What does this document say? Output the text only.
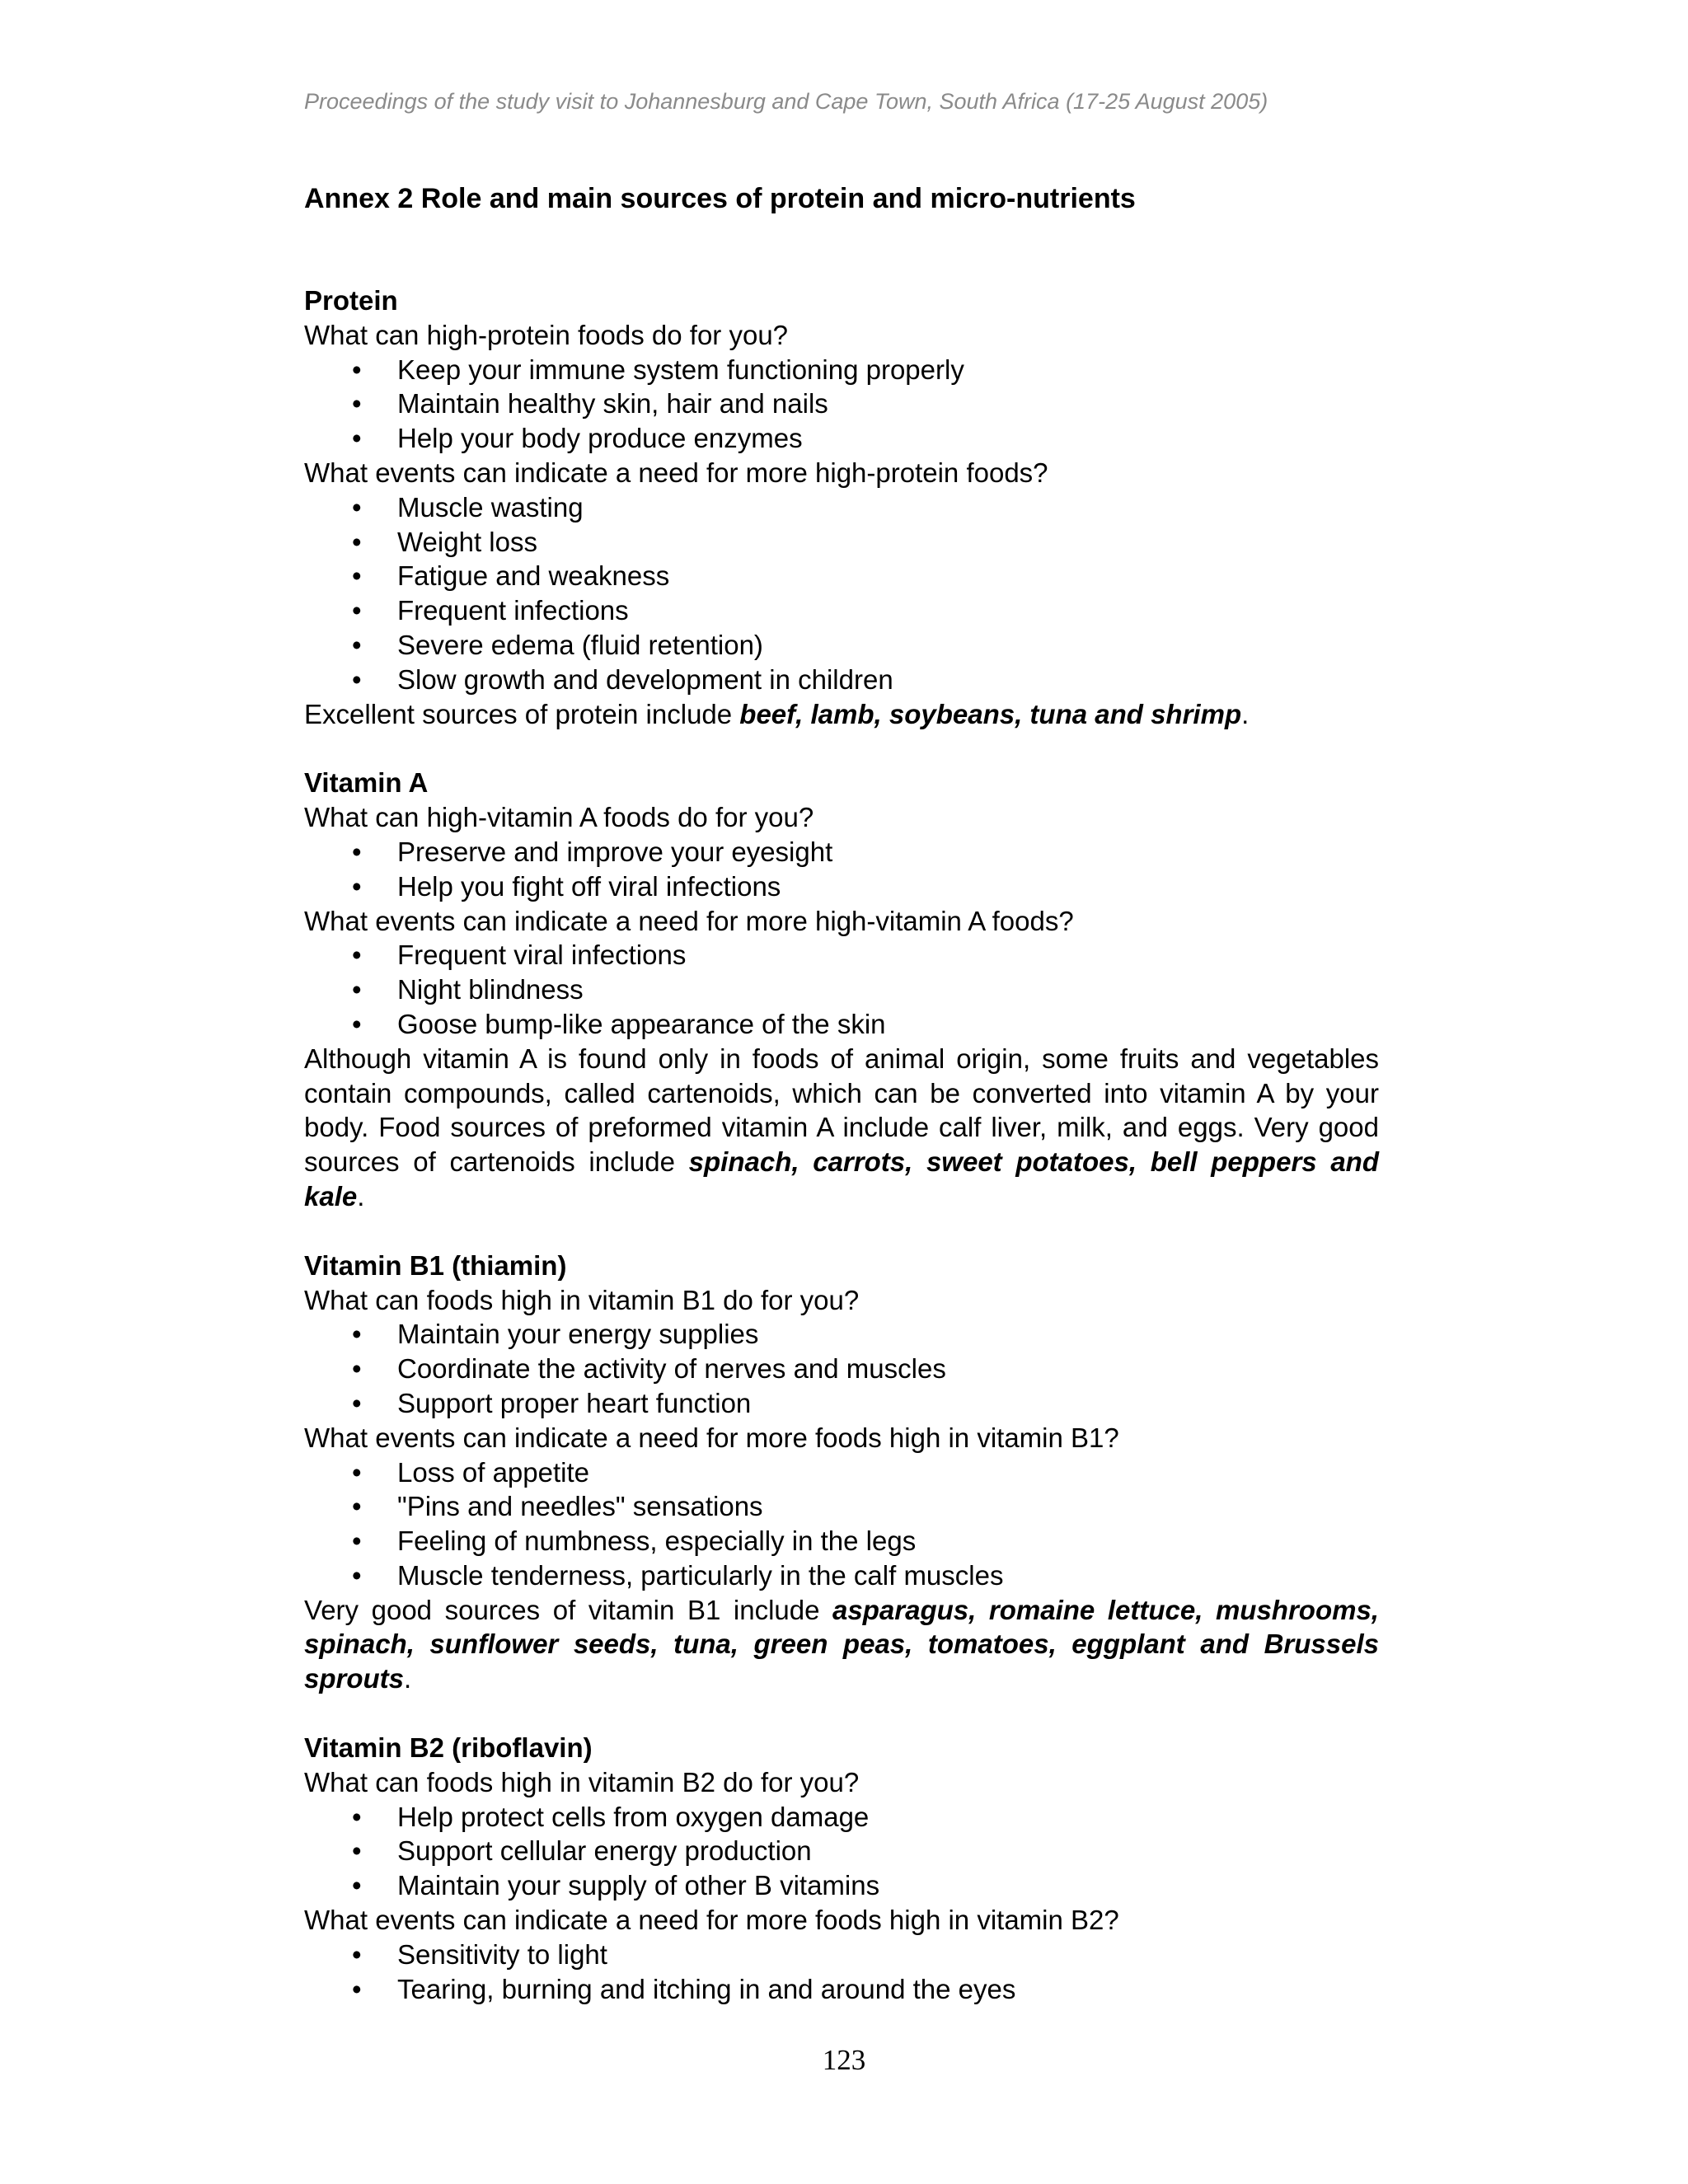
Proceedings of the study visit to Johannesburg and Cape Town, South Africa (17-25 August 2005)
Annex 2 Role and main sources of protein and micro-nutrients

Protein

What can high-protein foods do for you?

• Keep your immune system functioning properly
• Maintain healthy skin, hair and nails
• Help your body produce enzymes

What events can indicate a need for more high-protein foods?

• Muscle wasting
• Weight loss
• Fatigue and weakness
• Frequent infections
• Severe edema (fluid retention)
• Slow growth and development in children

Excellent sources of protein include beef, lamb, soybeans, tuna and shrimp.

Vitamin A

What can high-vitamin A foods do for you?

• Preserve and improve your eyesight
• Help you fight off viral infections

What events can indicate a need for more high-vitamin A foods?

• Frequent viral infections
• Night blindness
• Goose bump-like appearance of the skin

Although vitamin A is found only in foods of animal origin, some fruits and vegetables contain compounds, called cartenoids, which can be converted into vitamin A by your body. Food sources of preformed vitamin A include calf liver, milk, and eggs. Very good sources of cartenoids include spinach, carrots, sweet potatoes, bell peppers and kale.

Vitamin B1 (thiamin)

What can foods high in vitamin B1 do for you?

• Maintain your energy supplies
• Coordinate the activity of nerves and muscles
• Support proper heart function

What events can indicate a need for more foods high in vitamin B1?

• Loss of appetite
• "Pins and needles" sensations
• Feeling of numbness, especially in the legs
• Muscle tenderness, particularly in the calf muscles

Very good sources of vitamin B1 include asparagus, romaine lettuce, mushrooms, spinach, sunflower seeds, tuna, green peas, tomatoes, eggplant and Brussels sprouts.

Vitamin B2 (riboflavin)

What can foods high in vitamin B2 do for you?

• Help protect cells from oxygen damage
• Support cellular energy production
• Maintain your supply of other B vitamins

What events can indicate a need for more foods high in vitamin B2?

• Sensitivity to light
• Tearing, burning and itching in and around the eyes
123
